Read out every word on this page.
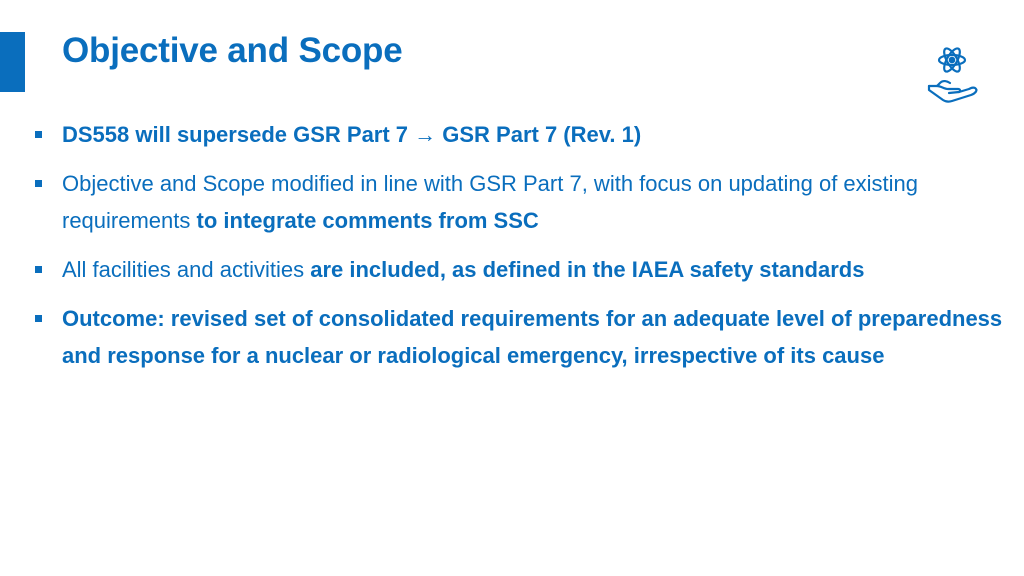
Objective and Scope
DS558 will supersede GSR Part 7 → GSR Part 7 (Rev. 1)
Objective and Scope modified in line with GSR Part 7, with focus on updating of existing requirements to integrate comments from SSC
All facilities and activities are included, as defined in the IAEA safety standards
Outcome: revised set of consolidated requirements for an adequate level of preparedness and response for a nuclear or radiological emergency, irrespective of its cause
